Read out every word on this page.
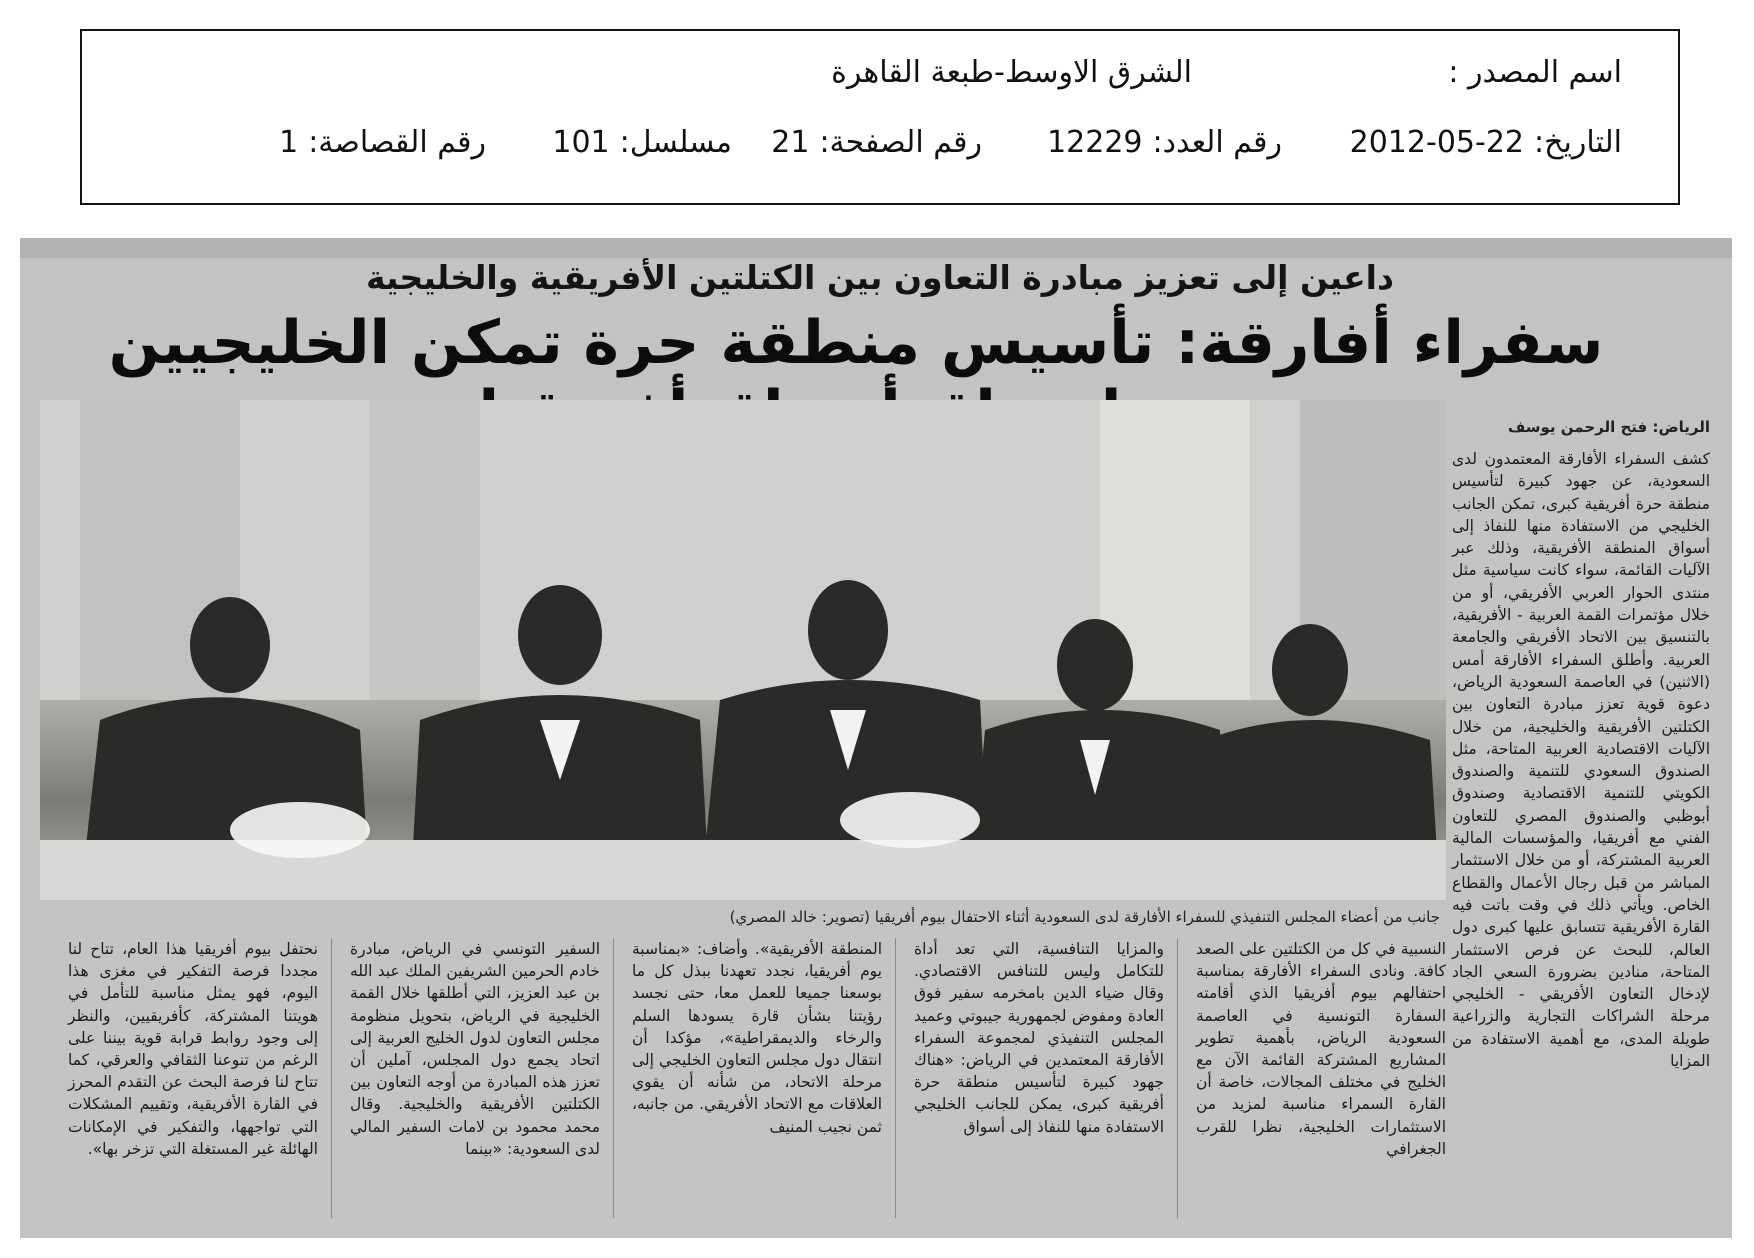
اسم المصدر :
الشرق الاوسط-طبعة القاهرة
التاريخ:22-05-2012
رقم العدد:12229
رقم الصفحة:21
مسلسل:101
رقم القصاصة:1
داعين إلى تعزيز مبادرة التعاون بين الكتلتين الأفريقية والخليجية
سفراء أفارقة: تأسيس منطقة حرة تمكن الخليجيين
جانب من أعضاء المجلس التنفيذي للسفراء الأفارقة لدى السعودية أثناء الاحتفال بيوم أفريقيا (تصوير: خالد المصري)
الرياض: فتح الرحمن يوسف

كشف السفراء الأفارقة المعتمدون لدى السعودية، عن جهود كبيرة لتأسيس منطقة حرة أفريقية كبرى، تمكن الجانب الخليجي من الاستفادة منها للنفاذ إلى أسواق المنطقة الأفريقية، وذلك عبر الآليات القائمة، سواء كانت سياسية مثل منتدى الحوار العربي الأفريقي، أو من خلال مؤتمرات القمة العربية - الأفريقية، بالتنسيق بين الاتحاد الأفريقي والجامعة العربية. وأطلق السفراء الأفارقة أمس (الاثنين) في العاصمة السعودية الرياض، دعوة قوية تعزز مبادرة التعاون بين الكتلتين الأفريقية والخليجية، من خلال الآليات الاقتصادية العربية المتاحة، مثل الصندوق السعودي للتنمية والصندوق الكويتي للتنمية الاقتصادية وصندوق أبوظبي والصندوق المصري للتعاون الفني مع أفريقيا، والمؤسسات المالية العربية المشتركة، أو من خلال الاستثمار المباشر من قبل رجال الأعمال والقطاع الخاص. ويأتي ذلك في وقت باتت فيه القارة الأفريقية تتسابق عليها كبرى دول العالم، للبحث عن فرص الاستثمار المتاحة، منادين بضرورة السعي الجاد لإدخال التعاون الأفريقي - الخليجي مرحلة الشراكات التجارية والزراعية طويلة المدى، مع أهمية الاستفادة من المزايا

النسبية في كل من الكتلتين على الصعد كافة. ونادى السفراء الأفارقة بمناسبة احتفالهم بيوم أفريقيا الذي أقامته السفارة التونسية في العاصمة السعودية الرياض، بأهمية تطوير المشاريع المشتركة القائمة الآن مع الخليج في مختلف المجالات، خاصة أن القارة السمراء مناسبة لمزيد من الاستثمارات الخليجية، نظرا للقرب الجغرافي

والمزايا التنافسية، التي تعد أداة للتكامل وليس للتنافس الاقتصادي. وقال ضياء الدين بامخرمه سفير فوق العادة ومفوض لجمهورية جيبوتي وعميد المجلس التنفيذي لمجموعة السفراء الأفارقة المعتمدين في الرياض: «هناك جهود كبيرة لتأسيس منطقة حرة أفريقية كبرى، يمكن للجانب الخليجي الاستفادة منها للنفاذ إلى أسواق

المنطقة الأفريقية». وأضاف: «بمناسبة يوم أفريقيا، نجدد تعهدنا ببذل كل ما بوسعنا جميعا للعمل معا، حتى نجسد رؤيتنا بشأن قارة يسودها السلم والرخاء والديمقراطية»، مؤكدا أن انتقال دول مجلس التعاون الخليجي إلى مرحلة الاتحاد، من شأنه أن يقوي العلاقات مع الاتحاد الأفريقي. من جانبه، ثمن نجيب المنيف

السفير التونسي في الرياض، مبادرة خادم الحرمين الشريفين الملك عبد الله بن عبد العزيز، التي أطلقها خلال القمة الخليجية في الرياض، بتحويل منظومة مجلس التعاون لدول الخليج العربية إلى اتحاد يجمع دول المجلس، آملين أن تعزز هذه المبادرة من أوجه التعاون بين الكتلتين الأفريقية والخليجية. وقال محمد محمود بن لامات السفير المالي لدى السعودية: «بينما

نحتفل بيوم أفريقيا هذا العام، تتاح لنا مجددا فرصة التفكير في مغزى هذا اليوم، فهو يمثل مناسبة للتأمل في هويتنا المشتركة، كأفريقيين، والنظر إلى وجود روابط قرابة قوية بيننا على الرغم من تنوعنا الثقافي والعرقي، كما تتاح لنا فرصة البحث عن التقدم المحرز في القارة الأفريقية، وتقييم المشكلات التي تواجهها، والتفكير في الإمكانات الهائلة غير المستغلة التي تزخر بها».
